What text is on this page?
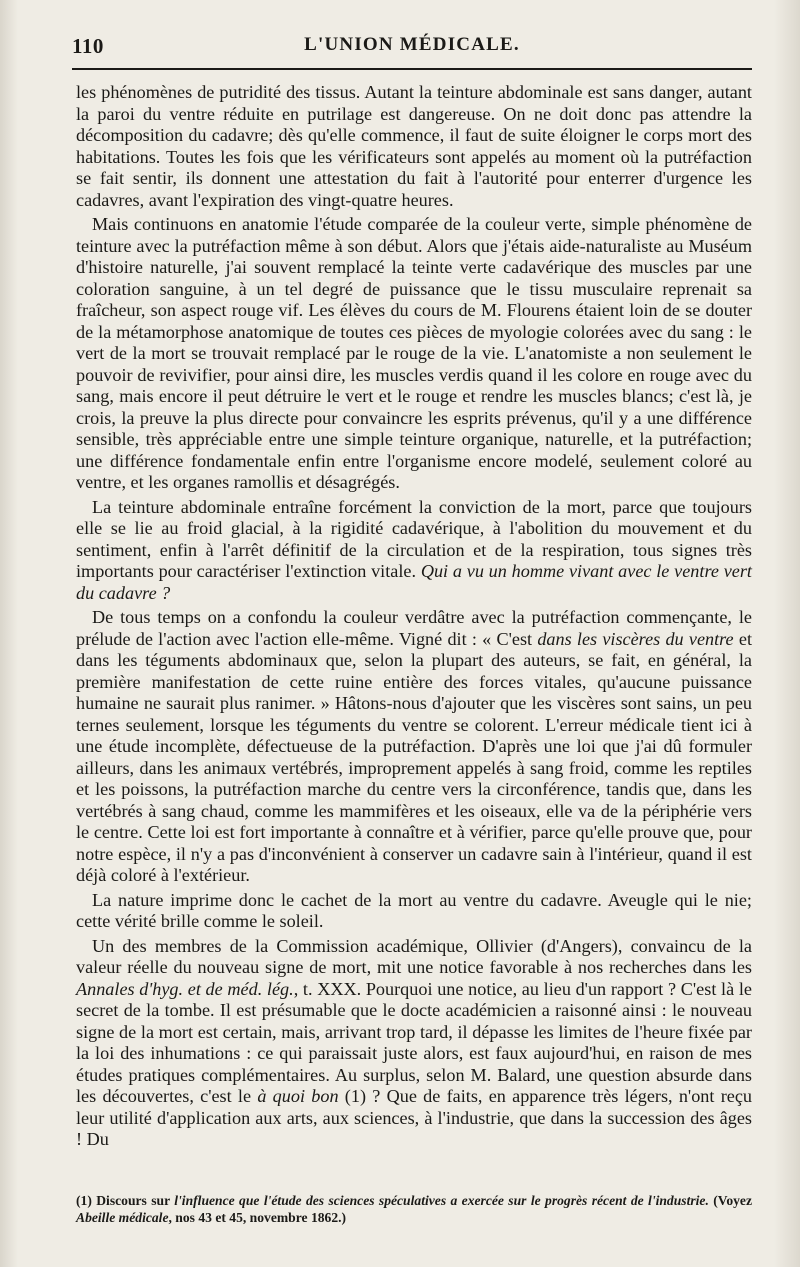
110	L'UNION MÉDICALE.

les phénomènes de putridité des tissus. Autant la teinture abdominale est sans danger, autant la paroi du ventre réduite en putrilage est dangereuse. On ne doit donc pas attendre la décomposition du cadavre; dès qu'elle commence, il faut de suite éloigner le corps mort des habitations. Toutes les fois que les vérificateurs sont appelés au moment où la putréfaction se fait sentir, ils donnent une attestation du fait à l'autorité pour enterrer d'urgence les cadavres, avant l'expiration des vingt-quatre heures.

Mais continuons en anatomie l'étude comparée de la couleur verte, simple phénomène de teinture avec la putréfaction même à son début. Alors que j'étais aide-naturaliste au Muséum d'histoire naturelle, j'ai souvent remplacé la teinte verte cadavérique des muscles par une coloration sanguine, à un tel degré de puissance que le tissu musculaire reprenait sa fraîcheur, son aspect rouge vif. Les élèves du cours de M. Flourens étaient loin de se douter de la métamorphose anatomique de toutes ces pièces de myologie colorées avec du sang : le vert de la mort se trouvait remplacé par le rouge de la vie. L'anatomiste a non seulement le pouvoir de revivifier, pour ainsi dire, les muscles verdis quand il les colore en rouge avec du sang, mais encore il peut détruire le vert et le rouge et rendre les muscles blancs; c'est là, je crois, la preuve la plus directe pour convaincre les esprits prévenus, qu'il y a une différence sensible, très appréciable entre une simple teinture organique, naturelle, et la putréfaction; une différence fondamentale enfin entre l'organisme encore modelé, seulement coloré au ventre, et les organes ramollis et désagrégés.

La teinture abdominale entraîne forcément la conviction de la mort, parce que toujours elle se lie au froid glacial, à la rigidité cadavérique, à l'abolition du mouvement et du sentiment, enfin à l'arrêt définitif de la circulation et de la respiration, tous signes très importants pour caractériser l'extinction vitale. Qui a vu un homme vivant avec le ventre vert du cadavre ?

De tous temps on a confondu la couleur verdâtre avec la putréfaction commençante, le prélude de l'action avec l'action elle-même. Vigné dit : « C'est dans les viscères du ventre et dans les téguments abdominaux que, selon la plupart des auteurs, se fait, en général, la première manifestation de cette ruine entière des forces vitales, qu'aucune puissance humaine ne saurait plus ranimer. » Hâtons-nous d'ajouter que les viscères sont sains, un peu ternes seulement, lorsque les téguments du ventre se colorent. L'erreur médicale tient ici à une étude incomplète, défectueuse de la putréfaction. D'après une loi que j'ai dû formuler ailleurs, dans les animaux vertébrés, improprement appelés à sang froid, comme les reptiles et les poissons, la putréfaction marche du centre vers la circonférence, tandis que, dans les vertébrés à sang chaud, comme les mammifères et les oiseaux, elle va de la périphérie vers le centre. Cette loi est fort importante à connaître et à vérifier, parce qu'elle prouve que, pour notre espèce, il n'y a pas d'inconvénient à conserver un cadavre sain à l'intérieur, quand il est déjà coloré à l'extérieur.

La nature imprime donc le cachet de la mort au ventre du cadavre. Aveugle qui le nie; cette vérité brille comme le soleil.

Un des membres de la Commission académique, Ollivier (d'Angers), convaincu de la valeur réelle du nouveau signe de mort, mit une notice favorable à nos recherches dans les Annales d'hyg. et de méd. lég., t. XXX. Pourquoi une notice, au lieu d'un rapport ? C'est là le secret de la tombe. Il est présumable que le docte académicien a raisonné ainsi : le nouveau signe de la mort est certain, mais, arrivant trop tard, il dépasse les limites de l'heure fixée par la loi des inhumations : ce qui paraissait juste alors, est faux aujourd'hui, en raison de mes études pratiques complémentaires. Au surplus, selon M. Balard, une question absurde dans les découvertes, c'est le à quoi bon (1) ? Que de faits, en apparence très légers, n'ont reçu leur utilité d'application aux arts, aux sciences, à l'industrie, que dans la succession des âges ! Du

(1) Discours sur l'influence que l'étude des sciences spéculatives a exercée sur le progrès récent de l'industrie. (Voyez Abeille médicale, nos 43 et 45, novembre 1862.)
